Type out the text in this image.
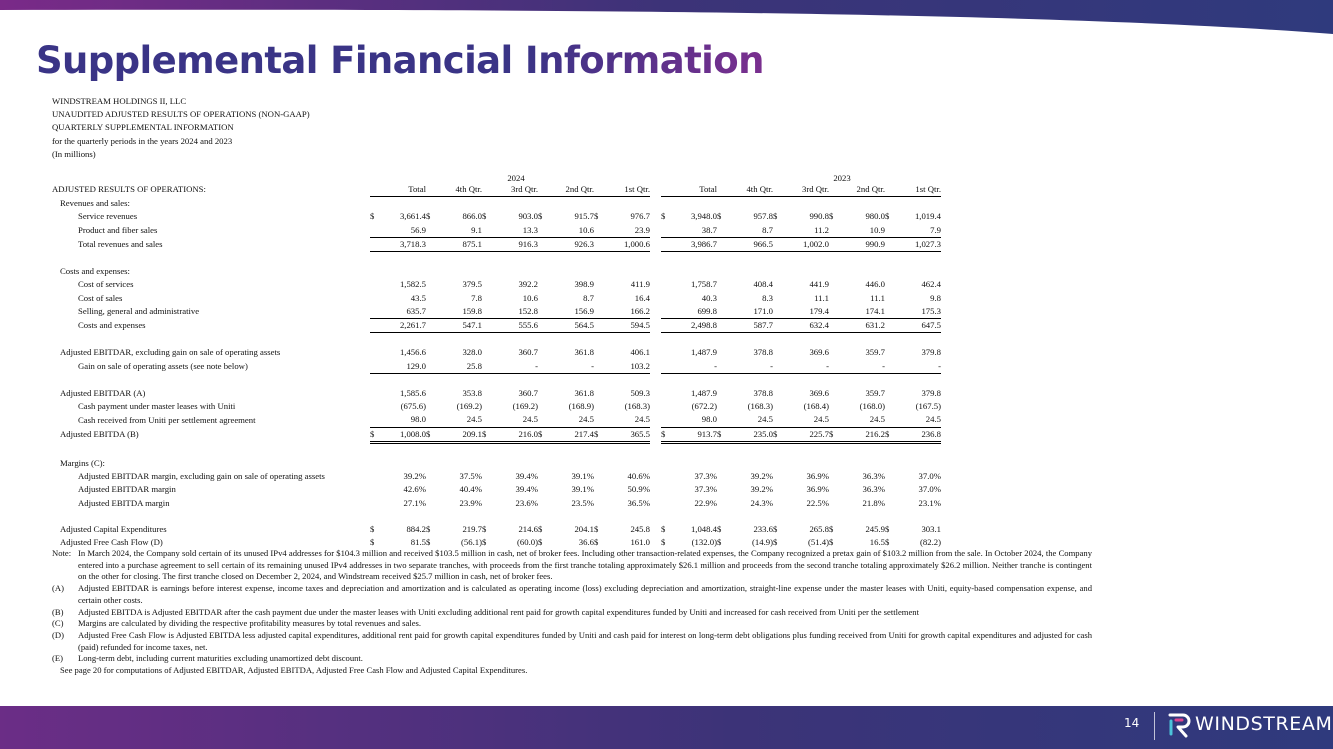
Supplemental Financial Information
WINDSTREAM HOLDINGS II, LLC
UNAUDITED ADJUSTED RESULTS OF OPERATIONS (NON-GAAP)
QUARTERLY SUPPLEMENTAL INFORMATION
for the quarterly periods in the years 2024 and 2023
(In millions)
2024	2023
ADJUSTED RESULTS OF OPERATIONS:		Total		4th Qtr.		3rd Qtr.		2nd Qtr.		1st Qtr.			Total		4th Qtr.		3rd Qtr.		2nd Qtr.		1st Qtr.
Revenues and sales:																					
Service revenues	$	3,661.4	$	866.0	$	903.0	$	915.7	$	976.7		$	3,948.0	$	957.8	$	990.8	$	980.0	$	1,019.4
Product and fiber sales		56.9		9.1		13.3		10.6		23.9			38.7		8.7		11.2		10.9		7.9
Total revenues and sales		3,718.3		875.1		916.3		926.3		1,000.6			3,986.7		966.5		1,002.0		990.9		1,027.3

Costs and expenses:																					
Cost of services		1,582.5		379.5		392.2		398.9		411.9			1,758.7		408.4		441.9		446.0		462.4
Cost of sales		43.5		7.8		10.6		8.7		16.4			40.3		8.3		11.1		11.1		9.8
Selling, general and administrative		635.7		159.8		152.8		156.9		166.2			699.8		171.0		179.4		174.1		175.3
Costs and expenses		2,261.7		547.1		555.6		564.5		594.5			2,498.8		587.7		632.4		631.2		647.5

Adjusted EBITDAR, excluding gain on sale of operating assets		1,456.6		328.0		360.7		361.8		406.1			1,487.9		378.8		369.6		359.7		379.8
Gain on sale of operating assets (see note below)		129.0		25.8		-		-		103.2			-		-		-		-		-

Adjusted EBITDAR (A)		1,585.6		353.8		360.7		361.8		509.3			1,487.9		378.8		369.6		359.7		379.8
Cash payment under master leases with Uniti		(675.6)		(169.2)		(169.2)		(168.9)		(168.3)			(672.2)		(168.3)		(168.4)		(168.0)		(167.5)
Cash received from Uniti per settlement agreement		98.0		24.5		24.5		24.5		24.5			98.0		24.5		24.5		24.5		24.5
Adjusted EBITDA (B)	$	1,008.0	$	209.1	$	216.0	$	217.4	$	365.5		$	913.7	$	235.0	$	225.7	$	216.2	$	236.8

Margins (C):																					
Adjusted EBITDAR margin, excluding gain on sale of operating assets		39.2%		37.5%		39.4%		39.1%		40.6%			37.3%		39.2%		36.9%		36.3%		37.0%
Adjusted EBITDAR margin		42.6%		40.4%		39.4%		39.1%		50.9%			37.3%		39.2%		36.9%		36.3%		37.0%
Adjusted EBITDA margin		27.1%		23.9%		23.6%		23.5%		36.5%			22.9%		24.3%		22.5%		21.8%		23.1%

Adjusted Capital Expenditures	$	884.2	$	219.7	$	214.6	$	204.1	$	245.8		$	1,048.4	$	233.6	$	265.8	$	245.9	$	303.1
Adjusted Free Cash Flow (D)	$	81.5	$	(56.1)	$	(60.0)	$	36.6	$	161.0		$	(132.0)	$	(14.9)	$	(51.4)	$	16.5	$	(82.2)
Note: In March 2024, the Company sold certain of its unused IPv4 addresses for $104.3 million and received $103.5 million in cash, net of broker fees. Including other transaction-related expenses, the Company recognized a pretax gain of $103.2 million from the sale. In October 2024, the Company entered into a purchase agreement to sell certain of its remaining unused IPv4 addresses in two separate tranches, with proceeds from the first tranche totaling approximately $26.1 million and proceeds from the second tranche totaling approximately $26.2 million. Neither tranche is contingent on the other for closing. The first tranche closed on December 2, 2024, and Windstream received $25.7 million in cash, net of broker fees.
(A)	Adjusted EBITDAR is earnings before interest expense, income taxes and depreciation and amortization and is calculated as operating income (loss) excluding depreciation and amortization, straight-line expense under the master leases with Uniti, equity-based compensation expense, and certain other costs.
(B)	Adjusted EBITDA is Adjusted EBITDAR after the cash payment due under the master leases with Uniti excluding additional rent paid for growth capital expenditures funded by Uniti and increased for cash received from Uniti per the settlement
(C)	Margins are calculated by dividing the respective profitability measures by total revenues and sales.
(D)	Adjusted Free Cash Flow is Adjusted EBITDA less adjusted capital expenditures, additional rent paid for growth capital expenditures funded by Uniti and cash paid for interest on long-term debt obligations plus funding received from Uniti for growth capital expenditures and adjusted for cash (paid) refunded for income taxes, net.
(E)	Long-term debt, including current maturities excluding unamortized debt discount.
See page 20 for computations of Adjusted EBITDAR, Adjusted EBITDA, Adjusted Free Cash Flow and Adjusted Capital Expenditures.
14	WINDSTREAM
